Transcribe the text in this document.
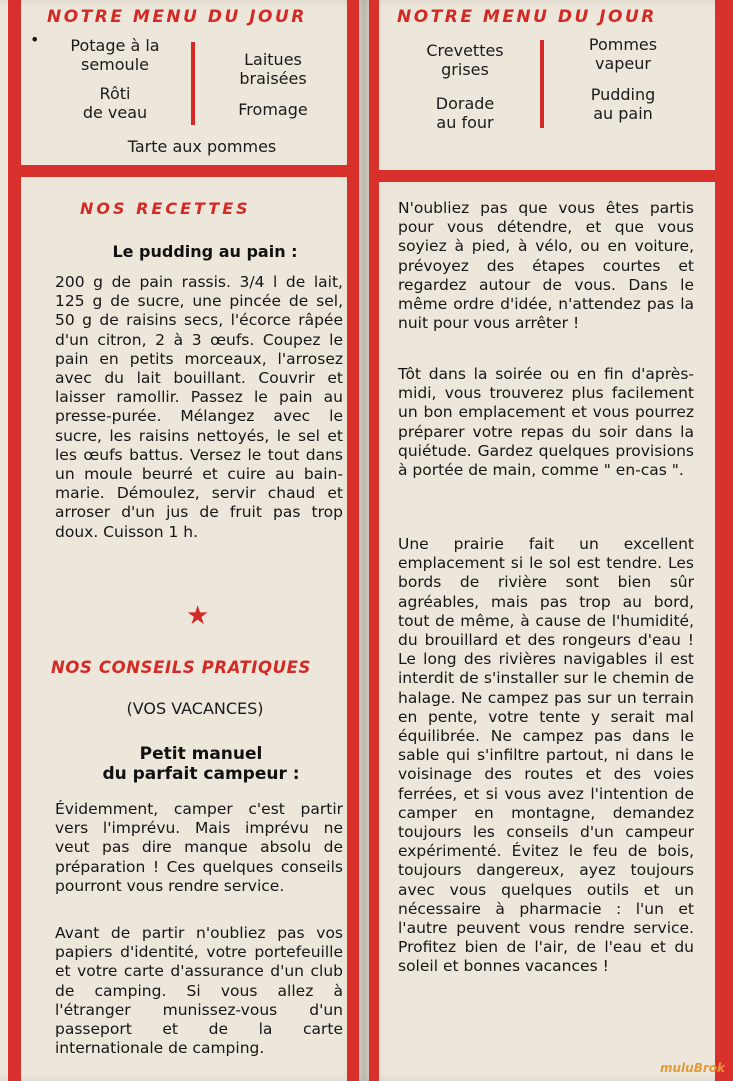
NOTRE MENU DU JOUR
•	Potage à la
semoule
Rôti
de veau
Laitues
braisées
Fromage
Tarte aux pommes
NOS RECETTES
Le pudding au pain :
200 g de pain rassis. 3/4 l de lait, 125 g de sucre, une pincée de sel, 50 g de raisins secs, l'écorce râpée d'un citron, 2 à 3 œufs. Coupez le pain en petits morceaux, l'arrosez avec du lait bouillant. Couvrir et laisser ramollir. Passez le pain au presse-purée. Mélangez avec le sucre, les raisins nettoyés, le sel et les œufs battus. Versez le tout dans un moule beurré et cuire au bain-marie. Démoulez, servir chaud et arroser d'un jus de fruit pas trop doux. Cuisson 1 h.
★
NOS CONSEILS PRATIQUES
(VOS VACANCES)
Petit manuel
du parfait campeur :
Évidemment, camper c'est partir vers l'imprévu. Mais imprévu ne veut pas dire manque absolu de préparation ! Ces quelques conseils pourront vous rendre service.
Avant de partir n'oubliez pas vos papiers d'identité, votre portefeuille et votre carte d'assurance d'un club de camping. Si vous allez à l'étranger munissez-vous d'un passeport et de la carte internationale de camping.
NOTRE MENU DU JOUR
Crevettes
grises
Dorade
au four
Pommes
vapeur
Pudding
au pain
N'oubliez pas que vous êtes partis pour vous détendre, et que vous soyiez à pied, à vélo, ou en voiture, prévoyez des étapes courtes et regardez autour de vous. Dans le même ordre d'idée, n'attendez pas la nuit pour vous arrêter !
Tôt dans la soirée ou en fin d'après-midi, vous trouverez plus facilement un bon emplacement et vous pourrez préparer votre repas du soir dans la quiétude. Gardez quelques provisions à portée de main, comme " en-cas ".
Une prairie fait un excellent emplacement si le sol est tendre. Les bords de rivière sont bien sûr agréables, mais pas trop au bord, tout de même, à cause de l'humidité, du brouillard et des rongeurs d'eau ! Le long des rivières navigables il est interdit de s'installer sur le chemin de halage. Ne campez pas sur un terrain en pente, votre tente y serait mal équilibrée. Ne campez pas dans le sable qui s'infiltre partout, ni dans le voisinage des routes et des voies ferrées, et si vous avez l'intention de camper en montagne, demandez toujours les conseils d'un campeur expérimenté. Évitez le feu de bois, toujours dangereux, ayez toujours avec vous quelques outils et un nécessaire à pharmacie : l'un et l'autre peuvent vous rendre service. Profitez bien de l'air, de l'eau et du soleil et bonnes vacances !
muluBrok
